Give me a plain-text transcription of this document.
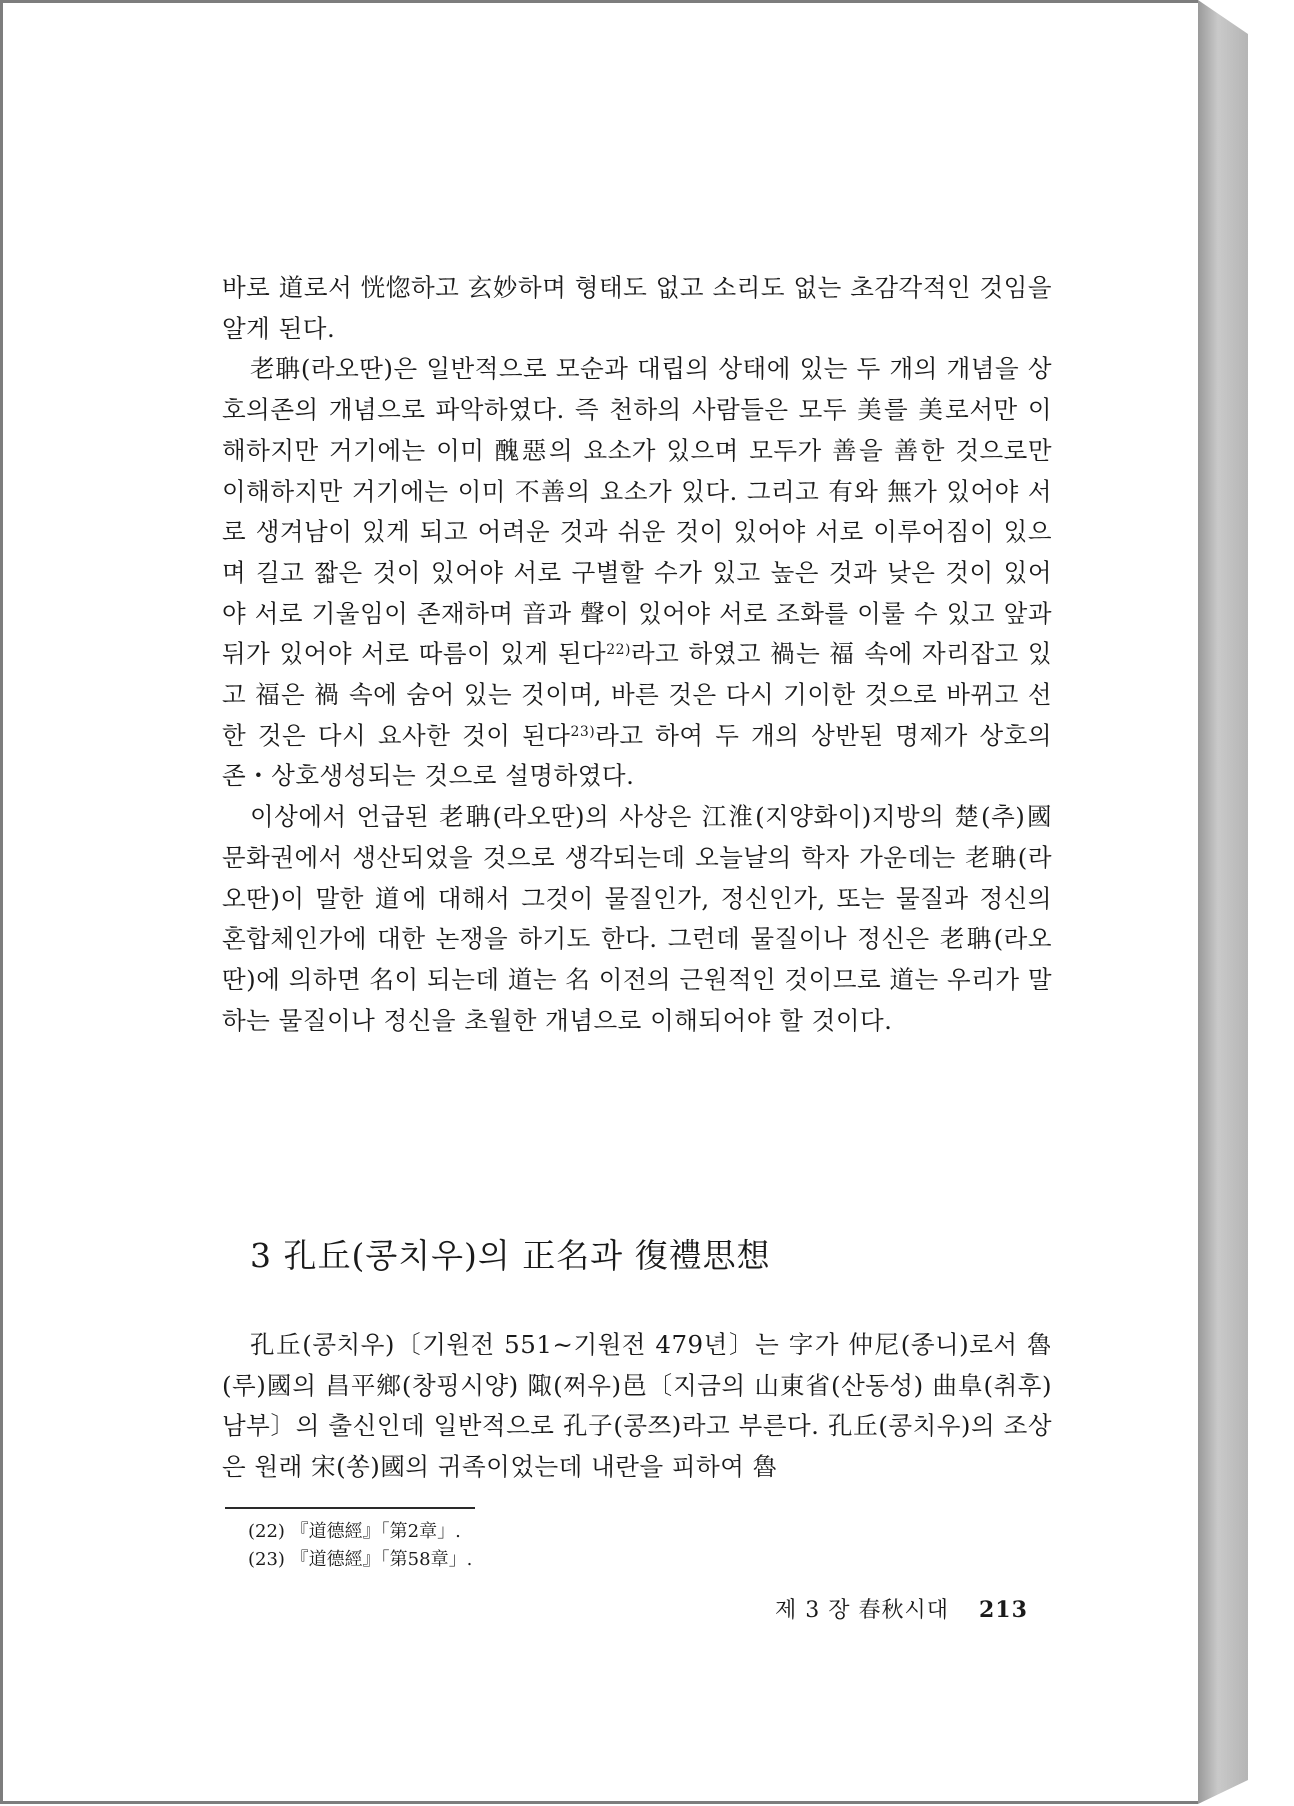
바로 道로서 恍惚하고 玄妙하며 형태도 없고 소리도 없는 초감각적인 것임을 알게 된다.

老聃(라오딴)은 일반적으로 모순과 대립의 상태에 있는 두 개의 개념을 상호의존의 개념으로 파악하였다. 즉 천하의 사람들은 모두 美를 美로서만 이해하지만 거기에는 이미 醜惡의 요소가 있으며 모두가 善을 善한 것으로만 이해하지만 거기에는 이미 不善의 요소가 있다. 그리고 有와 無가 있어야 서로 생겨남이 있게 되고 어려운 것과 쉬운 것이 있어야 서로 이루어짐이 있으며 길고 짧은 것이 있어야 서로 구별할 수가 있고 높은 것과 낮은 것이 있어야 서로 기울임이 존재하며 音과 聲이 있어야 서로 조화를 이룰 수 있고 앞과 뒤가 있어야 서로 따름이 있게 된다$^{22)}$라고 하였고 禍는 福 속에 자리잡고 있고 福은 禍 속에 숨어 있는 것이며, 바른 것은 다시 기이한 것으로 바뀌고 선한 것은 다시 요사한 것이 된다$^{23)}$라고 하여 두 개의 상반된 명제가 상호의존・상호생성되는 것으로 설명하였다.

이상에서 언급된 老聃(라오딴)의 사상은 江淮(지양화이)지방의 楚(추)國 문화권에서 생산되었을 것으로 생각되는데 오늘날의 학자 가운데는 老聃(라오딴)이 말한 道에 대해서 그것이 물질인가, 정신인가, 또는 물질과 정신의 혼합체인가에 대한 논쟁을 하기도 한다. 그런데 물질이나 정신은 老聃(라오딴)에 의하면 名이 되는데 道는 名 이전의 근원적인 것이므로 道는 우리가 말하는 물질이나 정신을 초월한 개념으로 이해되어야 할 것이다.

3 孔丘(콩치우)의 正名과 復禮思想

孔丘(콩치우)〔기원전 551~기원전 479년〕는 字가 仲尼(종니)로서 魯(루)國의 昌平鄉(창핑시양) 陬(쩌우)邑〔지금의 山東省(산동성) 曲阜(취후) 남부〕의 출신인데 일반적으로 孔子(콩쯔)라고 부른다. 孔丘(콩치우)의 조상은 원래 宋(쏭)國의 귀족이었는데 내란을 피하여 魯

(22) 『道德經』「第2章」.
(23) 『道德經』「第58章」.
제 3 장 春秋시대 213
